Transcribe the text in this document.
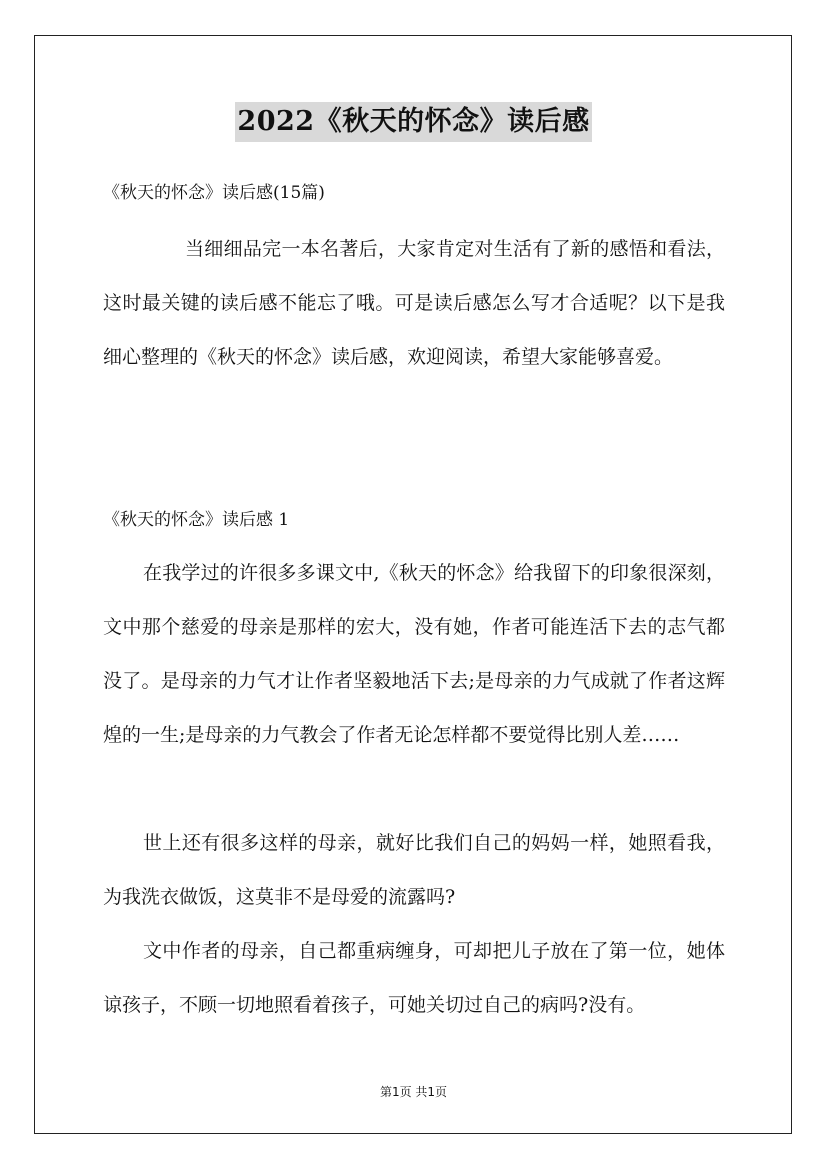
2022《秋天的怀念》读后感
《秋天的怀念》读后感(15篇)

当细细品完一本名著后，大家肯定对生活有了新的感悟和看法，这时最关键的读后感不能忘了哦。可是读后感怎么写才合适呢？以下是我细心整理的《秋天的怀念》读后感，欢迎阅读，希望大家能够喜爱。

《秋天的怀念》读后感 1

在我学过的许很多多课文中,《秋天的怀念》给我留下的印象很深刻，文中那个慈爱的母亲是那样的宏大，没有她，作者可能连活下去的志气都没了。是母亲的力气才让作者坚毅地活下去;是母亲的力气成就了作者这辉煌的一生;是母亲的力气教会了作者无论怎样都不要觉得比别人差……

世上还有很多这样的母亲，就好比我们自己的妈妈一样，她照看我，为我洗衣做饭，这莫非不是母爱的流露吗?

文中作者的母亲，自己都重病缠身，可却把儿子放在了第一位，她体谅孩子，不顾一切地照看着孩子，可她关切过自己的病吗?没有。

第1页 共1页
